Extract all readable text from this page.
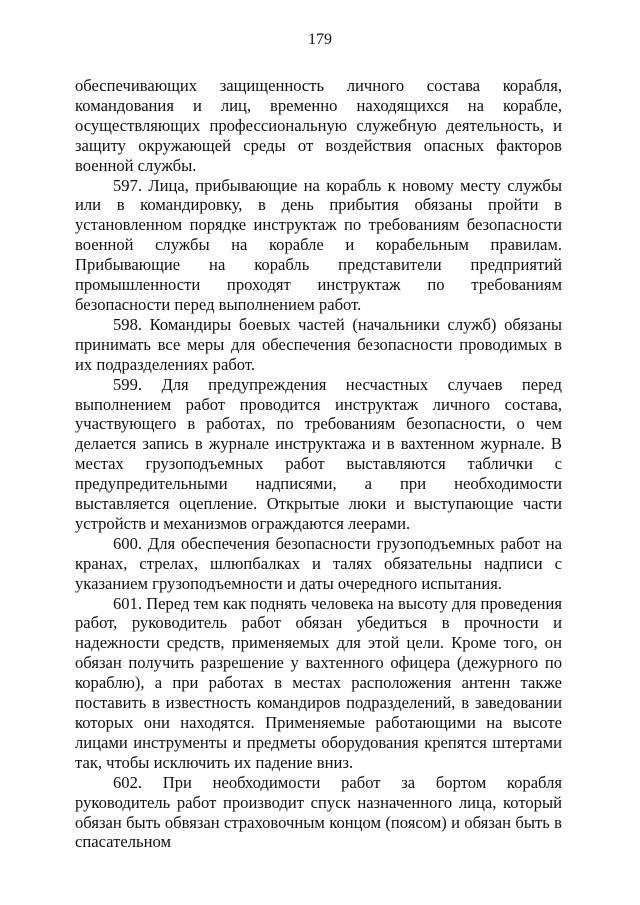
179

обеспечивающих защищенность личного состава корабля, командования и лиц, временно находящихся на корабле, осуществляющих профессиональную служебную деятельность, и защиту окружающей среды от воздействия опасных факторов военной службы.

597. Лица, прибывающие на корабль к новому месту службы или в командировку, в день прибытия обязаны пройти в установленном порядке инструктаж по требованиям безопасности военной службы на корабле и корабельным правилам. Прибывающие на корабль представители предприятий промышленности проходят инструктаж по требованиям безопасности перед выполнением работ.

598. Командиры боевых частей (начальники служб) обязаны принимать все меры для обеспечения безопасности проводимых в их подразделениях работ.

599. Для предупреждения несчастных случаев перед выполнением работ проводится инструктаж личного состава, участвующего в работах, по требованиям безопасности, о чем делается запись в журнале инструктажа и в вахтенном журнале. В местах грузоподъемных работ выставляются таблички с предупредительными надписями, а при необходимости выставляется оцепление. Открытые люки и выступающие части устройств и механизмов ограждаются леерами.

600. Для обеспечения безопасности грузоподъемных работ на кранах, стрелах, шлюпбалках и талях обязательны надписи с указанием грузоподъемности и даты очередного испытания.

601. Перед тем как поднять человека на высоту для проведения работ, руководитель работ обязан убедиться в прочности и надежности средств, применяемых для этой цели. Кроме того, он обязан получить разрешение у вахтенного офицера (дежурного по кораблю), а при работах в местах расположения антенн также поставить в известность командиров подразделений, в заведовании которых они находятся. Применяемые работающими на высоте лицами инструменты и предметы оборудования крепятся штертами так, чтобы исключить их падение вниз.

602. При необходимости работ за бортом корабля руководитель работ производит спуск назначенного лица, который обязан быть обвязан страховочным концом (поясом) и обязан быть в спасательном
